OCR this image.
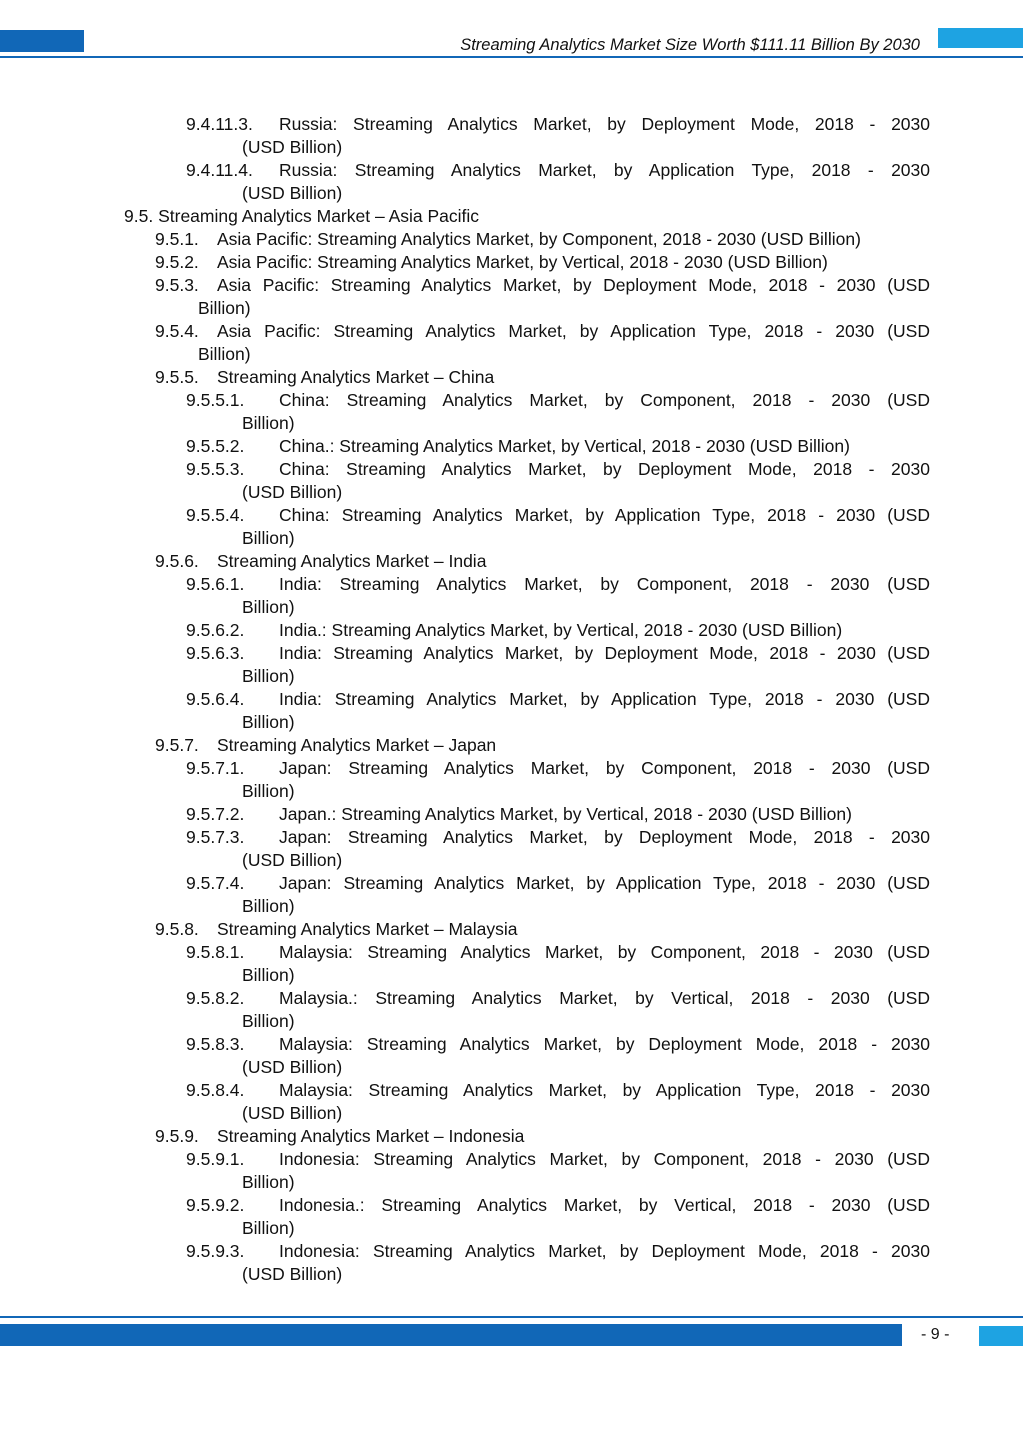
Streaming Analytics Market Size Worth $111.11 Billion By 2030
9.4.11.3. Russia: Streaming Analytics Market, by Deployment Mode, 2018 - 2030
(USD Billion)
9.4.11.4. Russia: Streaming Analytics Market, by Application Type, 2018 - 2030
(USD Billion)
9.5. Streaming Analytics Market – Asia Pacific
9.5.1. Asia Pacific: Streaming Analytics Market, by Component, 2018 - 2030 (USD Billion)
9.5.2. Asia Pacific: Streaming Analytics Market, by Vertical, 2018 - 2030 (USD Billion)
9.5.3. Asia Pacific: Streaming Analytics Market, by Deployment Mode, 2018 - 2030 (USD
Billion)
9.5.4. Asia Pacific: Streaming Analytics Market, by Application Type, 2018 - 2030 (USD
Billion)
9.5.5. Streaming Analytics Market – China
9.5.5.1. China: Streaming Analytics Market, by Component, 2018 - 2030 (USD
Billion)
9.5.5.2. China.: Streaming Analytics Market, by Vertical, 2018 - 2030 (USD Billion)
9.5.5.3. China: Streaming Analytics Market, by Deployment Mode, 2018 - 2030
(USD Billion)
9.5.5.4. China: Streaming Analytics Market, by Application Type, 2018 - 2030 (USD
Billion)
9.5.6. Streaming Analytics Market – India
9.5.6.1. India: Streaming Analytics Market, by Component, 2018 - 2030 (USD
Billion)
9.5.6.2. India.: Streaming Analytics Market, by Vertical, 2018 - 2030 (USD Billion)
9.5.6.3. India: Streaming Analytics Market, by Deployment Mode, 2018 - 2030 (USD
Billion)
9.5.6.4. India: Streaming Analytics Market, by Application Type, 2018 - 2030 (USD
Billion)
9.5.7. Streaming Analytics Market – Japan
9.5.7.1. Japan: Streaming Analytics Market, by Component, 2018 - 2030 (USD
Billion)
9.5.7.2. Japan.: Streaming Analytics Market, by Vertical, 2018 - 2030 (USD Billion)
9.5.7.3. Japan: Streaming Analytics Market, by Deployment Mode, 2018 - 2030
(USD Billion)
9.5.7.4. Japan: Streaming Analytics Market, by Application Type, 2018 - 2030 (USD
Billion)
9.5.8. Streaming Analytics Market – Malaysia
9.5.8.1. Malaysia: Streaming Analytics Market, by Component, 2018 - 2030 (USD
Billion)
9.5.8.2. Malaysia.: Streaming Analytics Market, by Vertical, 2018 - 2030 (USD
Billion)
9.5.8.3. Malaysia: Streaming Analytics Market, by Deployment Mode, 2018 - 2030
(USD Billion)
9.5.8.4. Malaysia: Streaming Analytics Market, by Application Type, 2018 - 2030
(USD Billion)
9.5.9. Streaming Analytics Market – Indonesia
9.5.9.1. Indonesia: Streaming Analytics Market, by Component, 2018 - 2030 (USD
Billion)
9.5.9.2. Indonesia.: Streaming Analytics Market, by Vertical, 2018 - 2030 (USD
Billion)
9.5.9.3. Indonesia: Streaming Analytics Market, by Deployment Mode, 2018 - 2030
(USD Billion)
- 9 -
